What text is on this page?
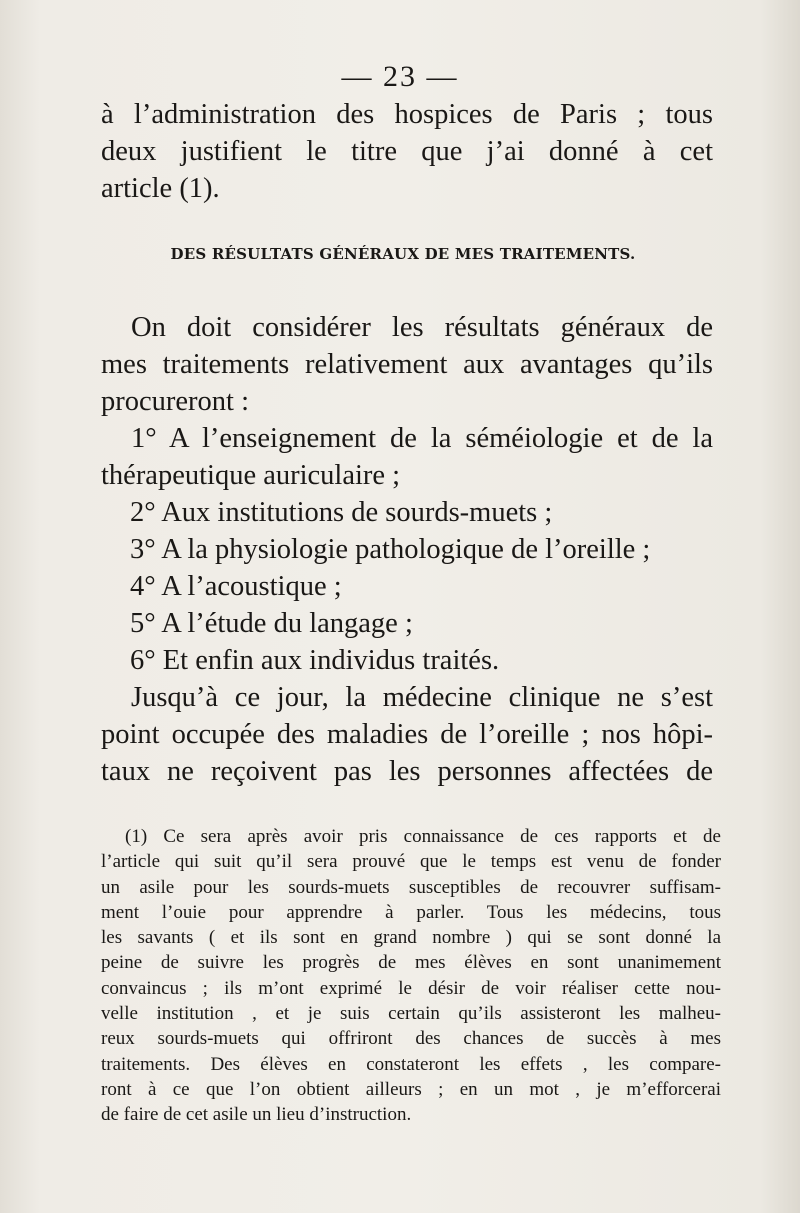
— 23 —
à l’administration des hospices de Paris ; tous
deux justifient le titre que j’ai donné à cet
article (1).
DES RÉSULTATS GÉNÉRAUX DE MES TRAITEMENTS.
On doit considérer les résultats généraux de
mes traitements relativement aux avantages qu’ils
procureront :
1° A l’enseignement de la séméiologie et de la
thérapeutique auriculaire ;
2° Aux institutions de sourds-muets ;
3° A la physiologie pathologique de l’oreille ;
4° A l’acoustique ;
5° A l’étude du langage ;
6° Et enfin aux individus traités.
Jusqu’à ce jour, la médecine clinique ne s’est
point occupée des maladies de l’oreille ; nos hôpi-
taux ne reçoivent pas les personnes affectées de
(1) Ce sera après avoir pris connaissance de ces rapports et de
l’article qui suit qu’il sera prouvé que le temps est venu de fonder
un asile pour les sourds-muets susceptibles de recouvrer suffisam-
ment l’ouie pour apprendre à parler. Tous les médecins, tous
les savants ( et ils sont en grand nombre ) qui se sont donné la
peine de suivre les progrès de mes élèves en sont unanimement
convaincus ; ils m’ont exprimé le désir de voir réaliser cette nou-
velle institution , et je suis certain qu’ils assisteront les malheu-
reux sourds-muets qui offriront des chances de succès à mes
traitements. Des élèves en constateront les effets , les compare-
ront à ce que l’on obtient ailleurs ; en un mot , je m’efforcerai
de faire de cet asile un lieu d’instruction.
